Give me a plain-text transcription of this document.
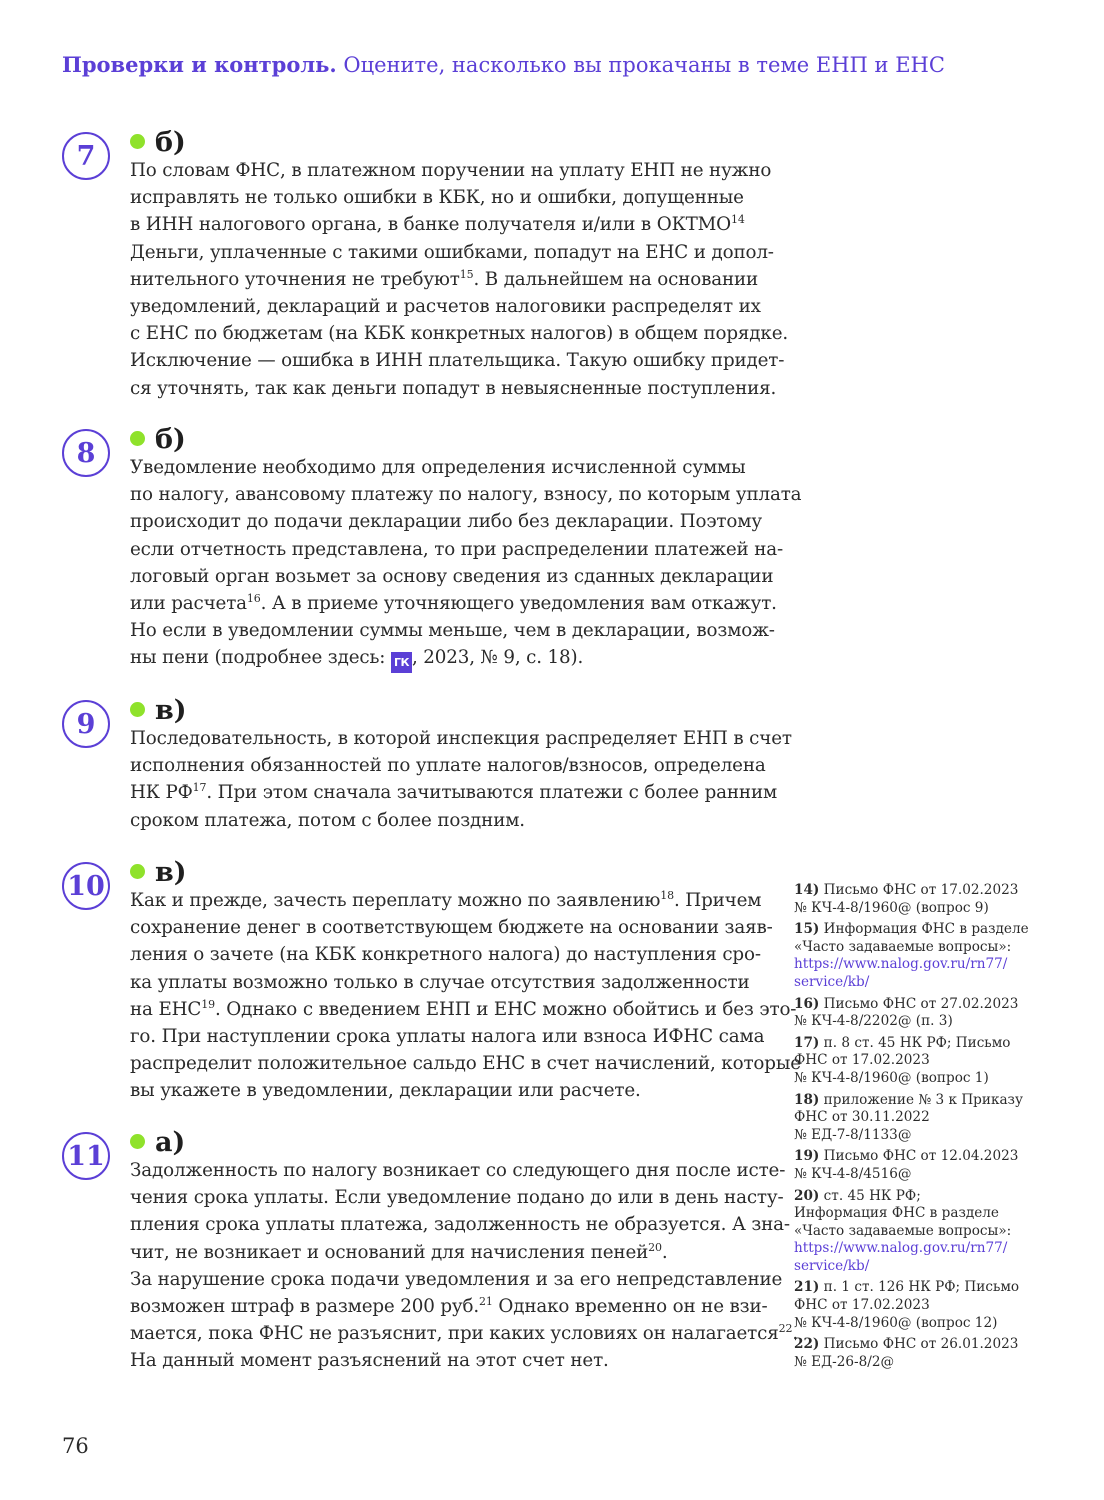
Проверки и контроль. Оцените, насколько вы прокачаны в теме ЕНП и ЕНС
7	б)
По словам ФНС, в платежном поручении на уплату ЕНП не нужно
исправлять не только ошибки в КБК, но и ошибки, допущенные
в ИНН налогового органа, в банке получателя и/или в ОКТМО$^{14}$
Деньги, уплаченные с такими ошибками, попадут на ЕНС и допол-
нительного уточнения не требуют$^{15}$. В дальнейшем на основании
уведомлений, деклараций и расчетов налоговики распределят их
с ЕНС по бюджетам (на КБК конкретных налогов) в общем порядке.
Исключение — ошибка в ИНН плательщика. Такую ошибку придет-
ся уточнять, так как деньги попадут в невыясненные поступления.
8	б)
Уведомление необходимо для определения исчисленной суммы
по налогу, авансовому платежу по налогу, взносу, по которым уплата
происходит до подачи декларации либо без декларации. Поэтому
если отчетность представлена, то при распределении платежей на-
логовый орган возьмет за основу сведения из сданных декларации
или расчета$^{16}$. А в приеме уточняющего уведомления вам откажут.
Но если в уведомлении суммы меньше, чем в декларации, возмож-
ны пени (подробнее здесь: ГК , 2023, № 9, с. 18).
9	в)
Последовательность, в которой инспекция распределяет ЕНП в счет
исполнения обязанностей по уплате налогов/взносов, определена
НК РФ$^{17}$. При этом сначала зачитываются платежи с более ранним
сроком платежа, потом с более поздним.
10	в)
Как и прежде, зачесть переплату можно по заявлению$^{18}$. Причем
сохранение денег в соответствующем бюджете на основании заяв-
ления о зачете (на КБК конкретного налога) до наступления сро-
ка уплаты возможно только в случае отсутствия задолженности
на ЕНС$^{19}$. Однако с введением ЕНП и ЕНС можно обойтись и без это-
го. При наступлении срока уплаты налога или взноса ИФНС сама
распределит положительное сальдо ЕНС в счет начислений, которые
вы укажете в уведомлении, декларации или расчете.
11	а)
Задолженность по налогу возникает со следующего дня после исте-
чения срока уплаты. Если уведомление подано до или в день насту-
пления срока уплаты платежа, задолженность не образуется. А зна-
чит, не возникает и оснований для начисления пеней$^{20}$.
За нарушение срока подачи уведомления и за его непредставление
возможен штраф в размере 200 руб.$^{21}$ Однако временно он не взи-
мается, пока ФНС не разъяснит, при каких условиях он налагается$^{22}$.
На данный момент разъяснений на этот счет нет.
14) Письмо ФНС от 17.02.2023
№ КЧ-4-8/1960@ (вопрос 9)
15) Информация ФНС в разделе
«Часто задаваемые вопросы»:
https://www.nalog.gov.ru/rn77/
service/kb/
16) Письмо ФНС от 27.02.2023
№ КЧ-4-8/2202@ (п. 3)
17) п. 8 ст. 45 НК РФ; Письмо
ФНС от 17.02.2023
№ КЧ-4-8/1960@ (вопрос 1)
18) приложение № 3 к Приказу
ФНС от 30.11.2022
№ ЕД-7-8/1133@
19) Письмо ФНС от 12.04.2023
№ КЧ-4-8/4516@
20) ст. 45 НК РФ;
Информация ФНС в разделе
«Часто задаваемые вопросы»:
https://www.nalog.gov.ru/rn77/
service/kb/
21) п. 1 ст. 126 НК РФ; Письмо
ФНС от 17.02.2023
№ КЧ-4-8/1960@ (вопрос 12)
22) Письмо ФНС от 26.01.2023
№ ЕД-26-8/2@
76
